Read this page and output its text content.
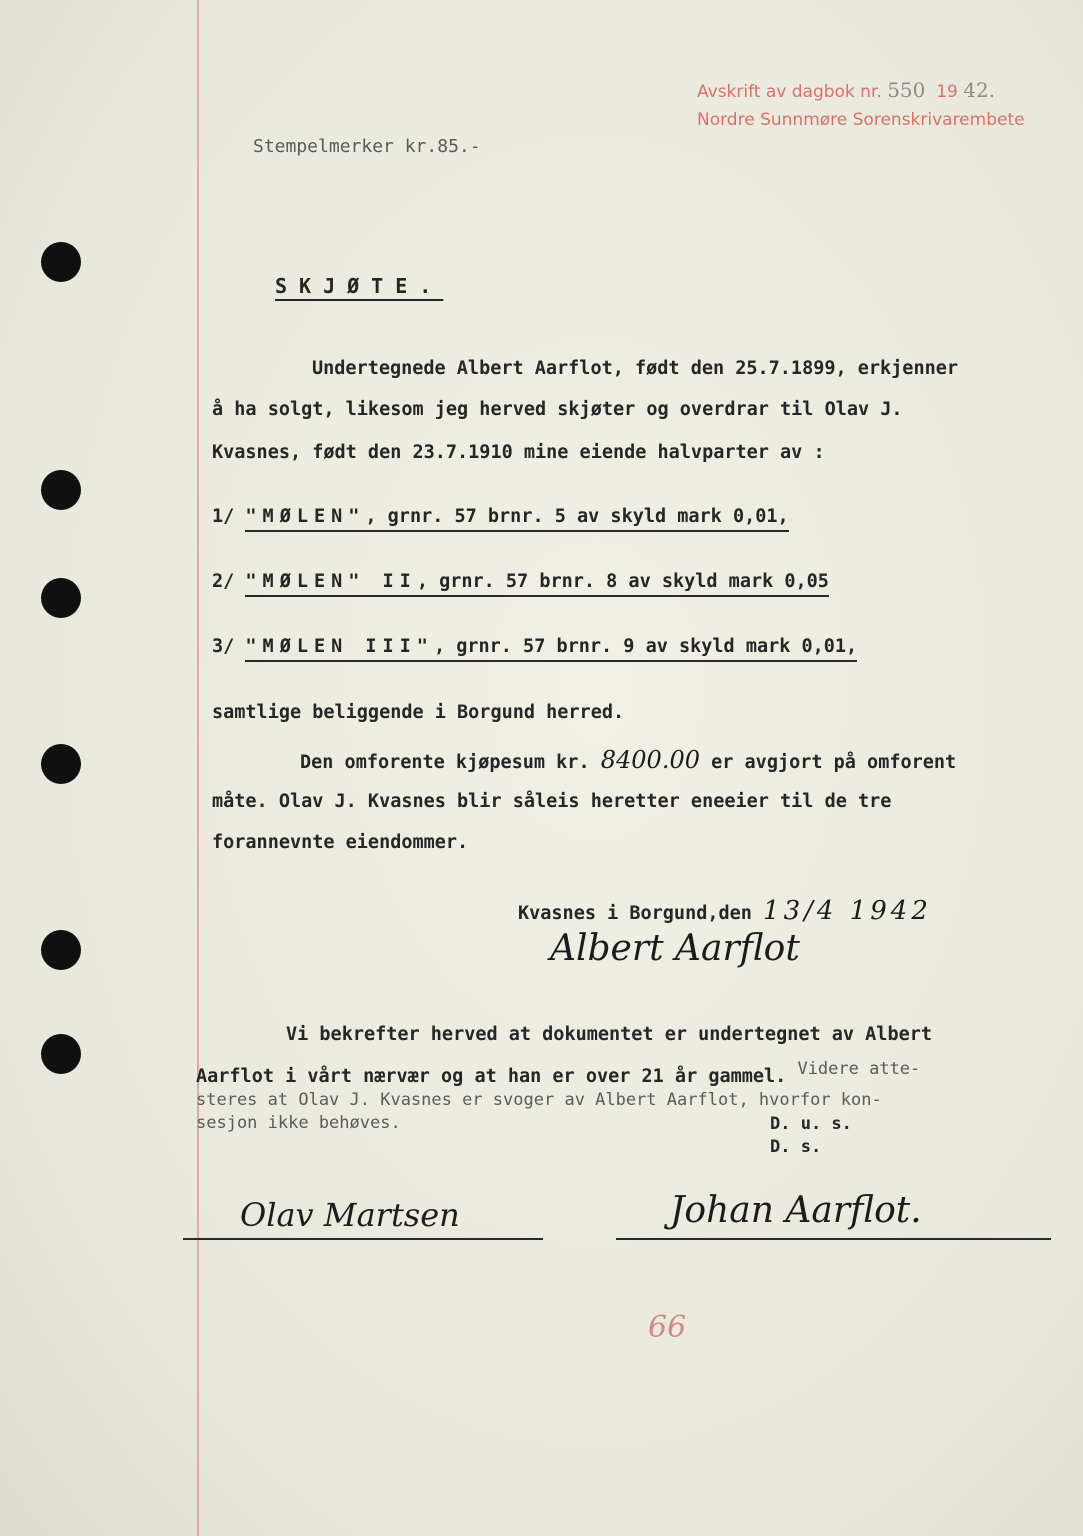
Avskrift av dagbok nr. 550 19 42.
Nordre Sunnmøre Sorenskrivarembete
Stempelmerker kr.85.-
SKJØTE.
Undertegnede Albert Aarflot, født den 25.7.1899, erkjenner
å ha solgt, likesom jeg herved skjøter og overdrar til Olav J.
Kvasnes, født den 23.7.1910 mine eiende halvparter av :
1/ "MØLEN", grnr. 57 brnr. 5 av skyld mark 0,01,
2/ "MØLEN" II, grnr. 57 brnr. 8 av skyld mark 0,05
3/ "MØLEN III", grnr. 57 brnr. 9 av skyld mark 0,01,
samtlige beliggende i Borgund herred.
Den omforente kjøpesum kr. 8400.00 er avgjort på omforent
måte. Olav J. Kvasnes blir såleis heretter eneeier til de tre
forannevnte eiendommer.
Kvasnes i Borgund,den 13/4 1942
Albert Aarflot
Vi bekrefter herved at dokumentet er undertegnet av Albert
Aarflot i vårt nærvær og at han er over 21 år gammel. Videre atte-
steres at Olav J. Kvasnes er svoger av Albert Aarflot, hvorfor kon-
sesjon ikke behøves.	D. u. s.
D. s.
Olav Martsen	Johan Aarflot.
66
